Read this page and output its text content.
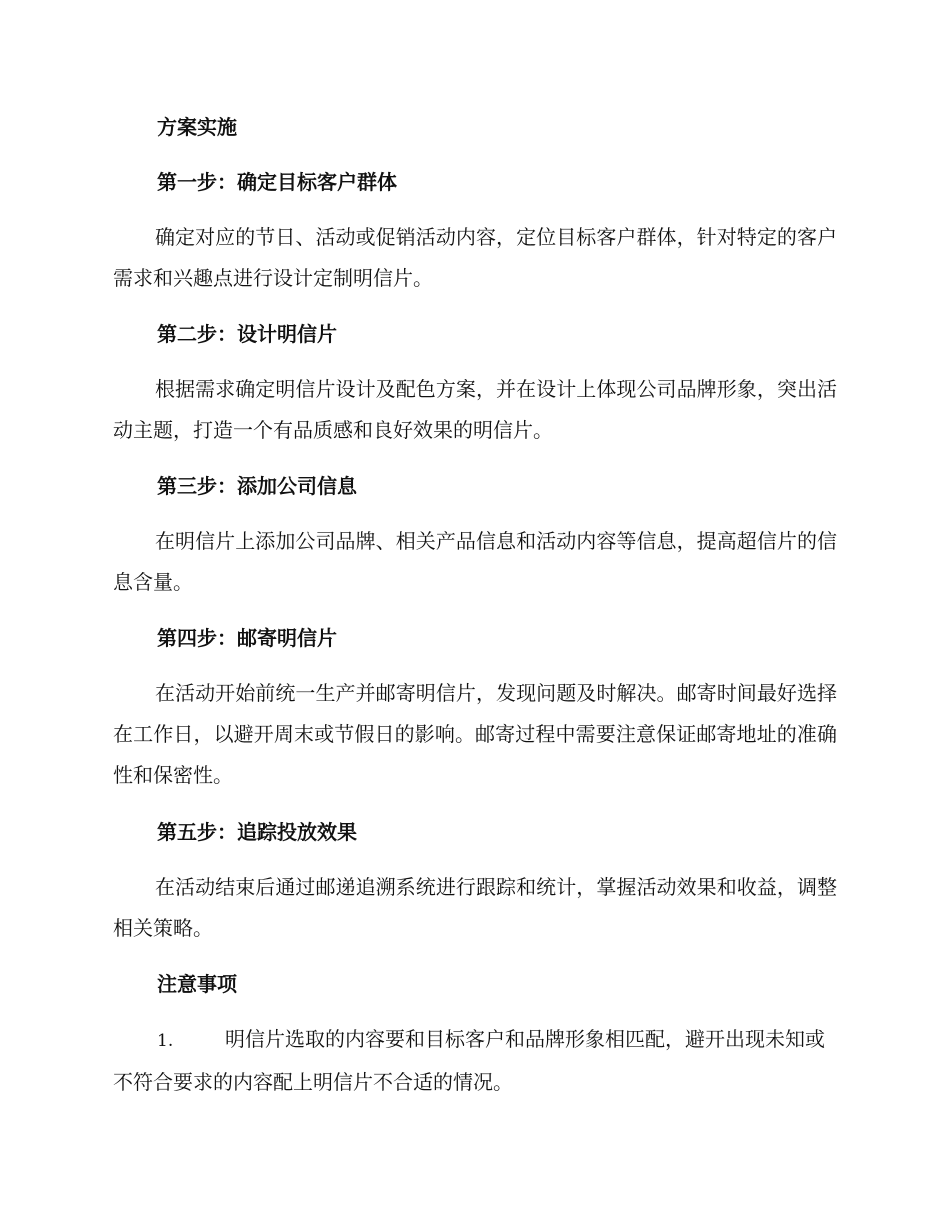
方案实施
第一步：确定目标客户群体

确定对应的节日、活动或促销活动内容，定位目标客户群体，针对特定的客户需求和兴趣点进行设计定制明信片。

第二步：设计明信片

根据需求确定明信片设计及配色方案，并在设计上体现公司品牌形象，突出活动主题，打造一个有品质感和良好效果的明信片。

第三步：添加公司信息

在明信片上添加公司品牌、相关产品信息和活动内容等信息，提高超信片的信息含量。

第四步：邮寄明信片

在活动开始前统一生产并邮寄明信片，发现问题及时解决。邮寄时间最好选择在工作日，以避开周末或节假日的影响。邮寄过程中需要注意保证邮寄地址的准确性和保密性。

第五步：追踪投放效果

在活动结束后通过邮递追溯系统进行跟踪和统计，掌握活动效果和收益，调整相关策略。

注意事项
1.	明信片选取的内容要和目标客户和品牌形象相匹配，避开出现未知或不符合要求的内容配上明信片不合适的情况。
